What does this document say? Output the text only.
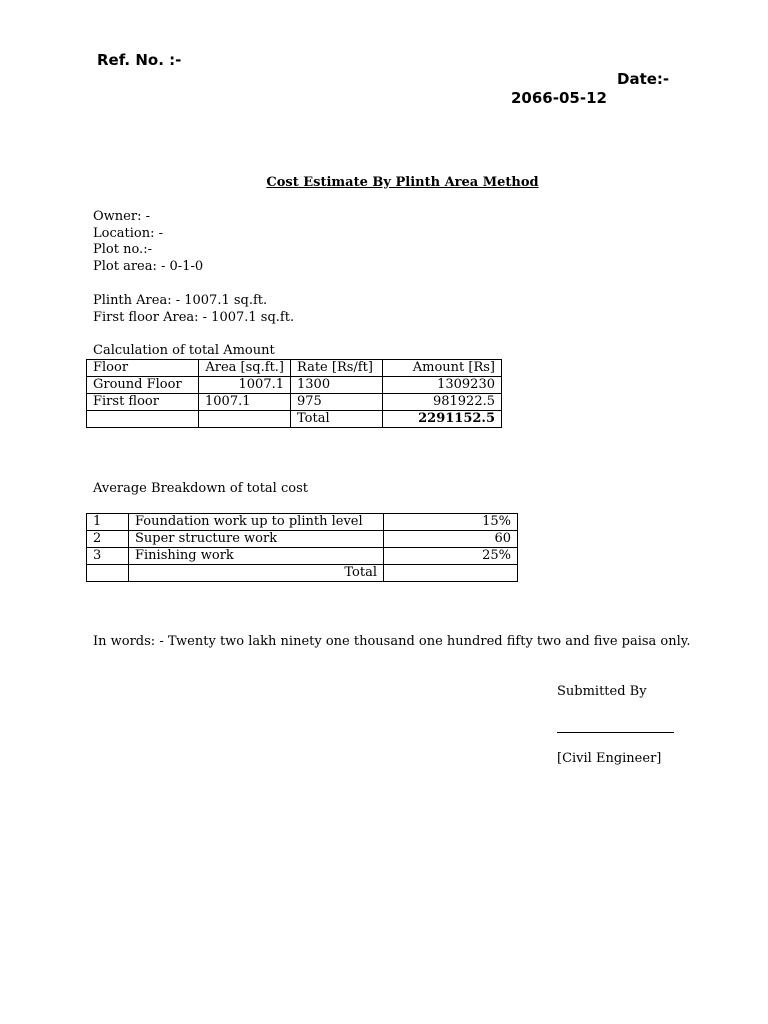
Ref. No. :-
Date:-
2066-05-12
Cost Estimate By Plinth Area Method
Owner: -
Location: -
Plot no.:-
Plot area: - 0-1-0
Plinth Area: - 1007.1 sq.ft.
First floor Area: - 1007.1 sq.ft.
Calculation of total Amount
Floor	Area [sq.ft.]	Rate [Rs/ft]	Amount [Rs]
Ground Floor	1007.1	1300	1309230
First floor	1007.1	975	981922.5
		Total	2291152.5
Average Breakdown of total cost
1	Foundation work up to plinth level	15%
2	Super structure work	60
3	Finishing work	25%
	Total	
In words: - Twenty two lakh ninety one thousand one hundred fifty two and five paisa only.
Submitted By
[Civil Engineer]
